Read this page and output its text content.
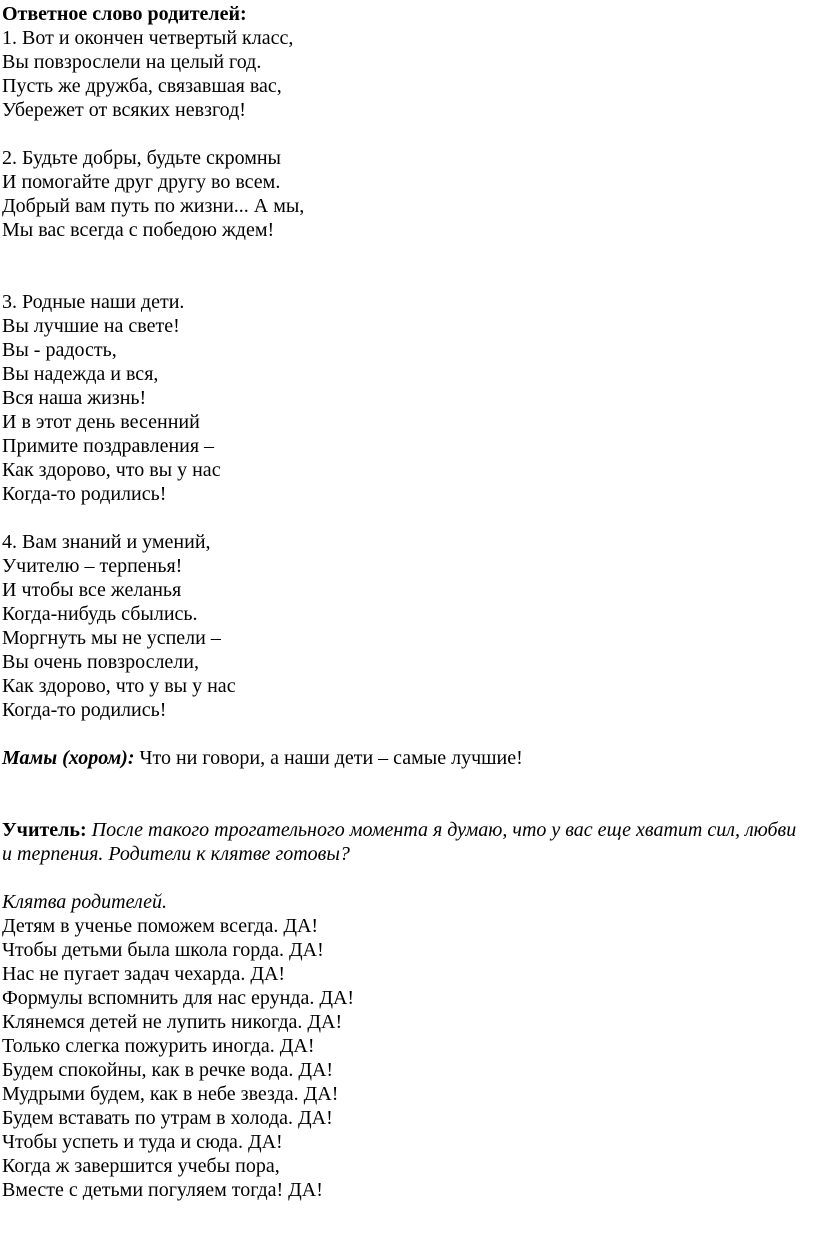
Ответное слово родителей:
1. Вот и окончен четвертый класс,
Вы повзрослели на целый год.
Пусть же дружба, связавшая вас,
Убережет от всяких невзгод!
2. Будьте добры, будьте скромны
И помогайте друг другу во всем.
Добрый вам путь по жизни... А мы,
Мы вас всегда с победою ждем!
3. Родные наши дети.
Вы лучшие на свете!
Вы - радость,
Вы надежда и вся,
Вся наша жизнь!
И в этот день весенний
Примите поздравления –
Как здорово, что вы у нас
Когда-то родились!
4. Вам знаний и умений,
Учителю – терпенья!
И чтобы все желанья
Когда-нибудь сбылись.
Моргнуть мы не успели –
Вы очень повзрослели,
Как здорово, что у вы у нас
Когда-то родились!
Мамы (хором): Что ни говори, а наши дети – самые лучшие!
Учитель: После такого трогательного момента я думаю, что у вас еще хватит сил, любви и терпения. Родители к клятве готовы?
Клятва родителей.
Детям в ученье поможем всегда. ДА!
Чтобы детьми была школа горда. ДА!
Нас не пугает задач чехарда. ДА!
Формулы вспомнить для нас ерунда. ДА!
Клянемся детей не лупить никогда. ДА!
Только слегка пожурить иногда. ДА!
Будем спокойны, как в речке вода. ДА!
Мудрыми будем, как в небе звезда. ДА!
Будем вставать по утрам в холода. ДА!
Чтобы успеть и туда и сюда. ДА!
Когда ж завершится учебы пора,
Вместе с детьми погуляем тогда! ДА!
